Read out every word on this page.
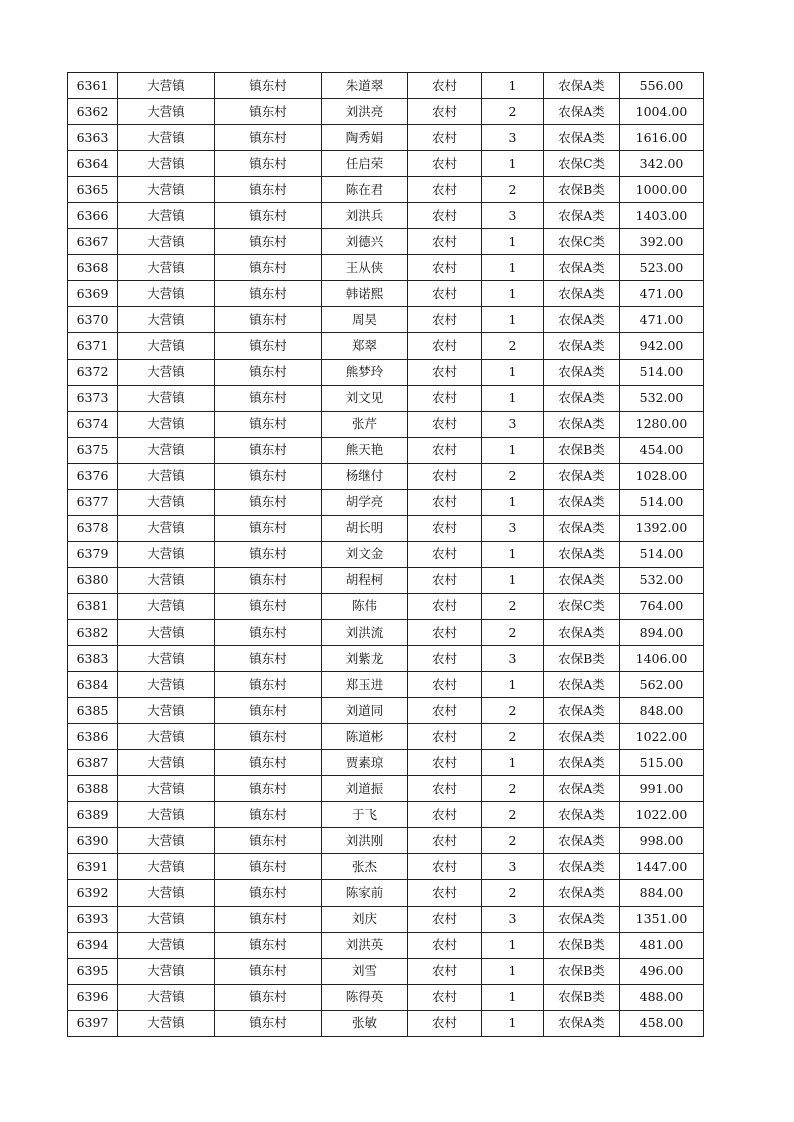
6361	大营镇	镇东村	朱道翠	农村	1	农保A类	556.00
6362	大营镇	镇东村	刘洪亮	农村	2	农保A类	1004.00
6363	大营镇	镇东村	陶秀娟	农村	3	农保A类	1616.00
6364	大营镇	镇东村	任启荣	农村	1	农保C类	342.00
6365	大营镇	镇东村	陈在君	农村	2	农保B类	1000.00
6366	大营镇	镇东村	刘洪兵	农村	3	农保A类	1403.00
6367	大营镇	镇东村	刘德兴	农村	1	农保C类	392.00
6368	大营镇	镇东村	王从侠	农村	1	农保A类	523.00
6369	大营镇	镇东村	韩诺熙	农村	1	农保A类	471.00
6370	大营镇	镇东村	周昊	农村	1	农保A类	471.00
6371	大营镇	镇东村	郑翠	农村	2	农保A类	942.00
6372	大营镇	镇东村	熊梦玲	农村	1	农保A类	514.00
6373	大营镇	镇东村	刘文见	农村	1	农保A类	532.00
6374	大营镇	镇东村	张芹	农村	3	农保A类	1280.00
6375	大营镇	镇东村	熊天艳	农村	1	农保B类	454.00
6376	大营镇	镇东村	杨继付	农村	2	农保A类	1028.00
6377	大营镇	镇东村	胡学亮	农村	1	农保A类	514.00
6378	大营镇	镇东村	胡长明	农村	3	农保A类	1392.00
6379	大营镇	镇东村	刘文金	农村	1	农保A类	514.00
6380	大营镇	镇东村	胡程柯	农村	1	农保A类	532.00
6381	大营镇	镇东村	陈伟	农村	2	农保C类	764.00
6382	大营镇	镇东村	刘洪流	农村	2	农保A类	894.00
6383	大营镇	镇东村	刘紫龙	农村	3	农保B类	1406.00
6384	大营镇	镇东村	郑玉进	农村	1	农保A类	562.00
6385	大营镇	镇东村	刘道同	农村	2	农保A类	848.00
6386	大营镇	镇东村	陈道彬	农村	2	农保A类	1022.00
6387	大营镇	镇东村	贾素琼	农村	1	农保A类	515.00
6388	大营镇	镇东村	刘道振	农村	2	农保A类	991.00
6389	大营镇	镇东村	于飞	农村	2	农保A类	1022.00
6390	大营镇	镇东村	刘洪刚	农村	2	农保A类	998.00
6391	大营镇	镇东村	张杰	农村	3	农保A类	1447.00
6392	大营镇	镇东村	陈家前	农村	2	农保A类	884.00
6393	大营镇	镇东村	刘庆	农村	3	农保A类	1351.00
6394	大营镇	镇东村	刘洪英	农村	1	农保B类	481.00
6395	大营镇	镇东村	刘雪	农村	1	农保B类	496.00
6396	大营镇	镇东村	陈得英	农村	1	农保B类	488.00
6397	大营镇	镇东村	张敏	农村	1	农保A类	458.00
